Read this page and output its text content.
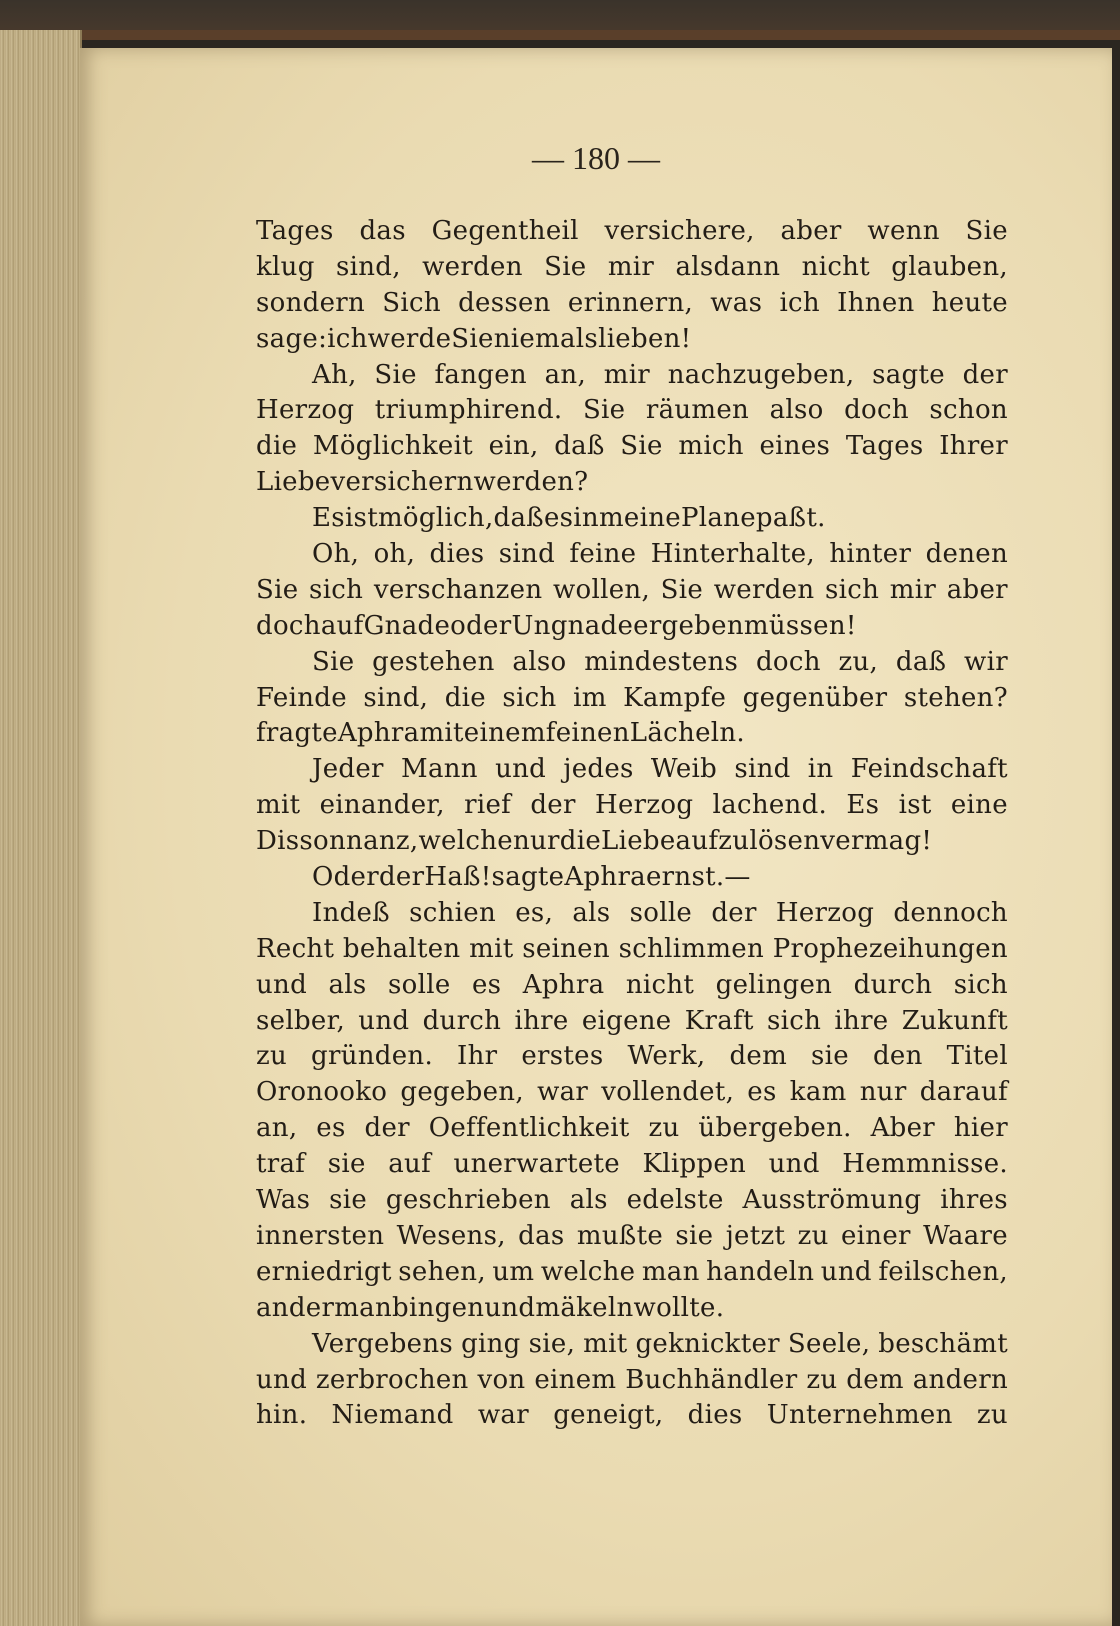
— 180 —
Tages das Gegentheil versichere, aber wenn Sie
klug sind, werden Sie mir alsdann nicht glauben,
sondern Sich dessen erinnern, was ich Ihnen heute
sage: ich werde Sie niemals lieben!
Ah, Sie fangen an, mir nachzugeben, sagte der
Herzog triumphirend. Sie räumen also doch schon
die Möglichkeit ein, daß Sie mich eines Tages Ihrer
Liebe versichern werden?
Es ist möglich, daß es in meine Plane paßt.
Oh, oh, dies sind feine Hinterhalte, hinter denen
Sie sich verschanzen wollen, Sie werden sich mir aber
doch auf Gnade oder Ungnade ergeben müssen!
Sie gestehen also mindestens doch zu, daß wir
Feinde sind, die sich im Kampfe gegenüber stehen?
fragte Aphra mit einem feinen Lächeln.
Jeder Mann und jedes Weib sind in Feindschaft
mit einander, rief der Herzog lachend. Es ist eine
Dissonnanz, welche nur die Liebe aufzulösen vermag!
Oder der Haß! sagte Aphra ernst. —
Indeß schien es, als solle der Herzog dennoch
Recht behalten mit seinen schlimmen Prophezeihungen
und als solle es Aphra nicht gelingen durch sich
selber, und durch ihre eigene Kraft sich ihre Zukunft
zu gründen. Ihr erstes Werk, dem sie den Titel
Oronooko gegeben, war vollendet, es kam nur darauf
an, es der Oeffentlichkeit zu übergeben. Aber hier
traf sie auf unerwartete Klippen und Hemmnisse.
Was sie geschrieben als edelste Ausströmung ihres
innersten Wesens, das mußte sie jetzt zu einer Waare
erniedrigt sehen, um welche man handeln und feilschen,
an der man bingen und mäkeln wollte.
Vergebens ging sie, mit geknickter Seele, beschämt
und zerbrochen von einem Buchhändler zu dem andern
hin. Niemand war geneigt, dies Unternehmen zu
